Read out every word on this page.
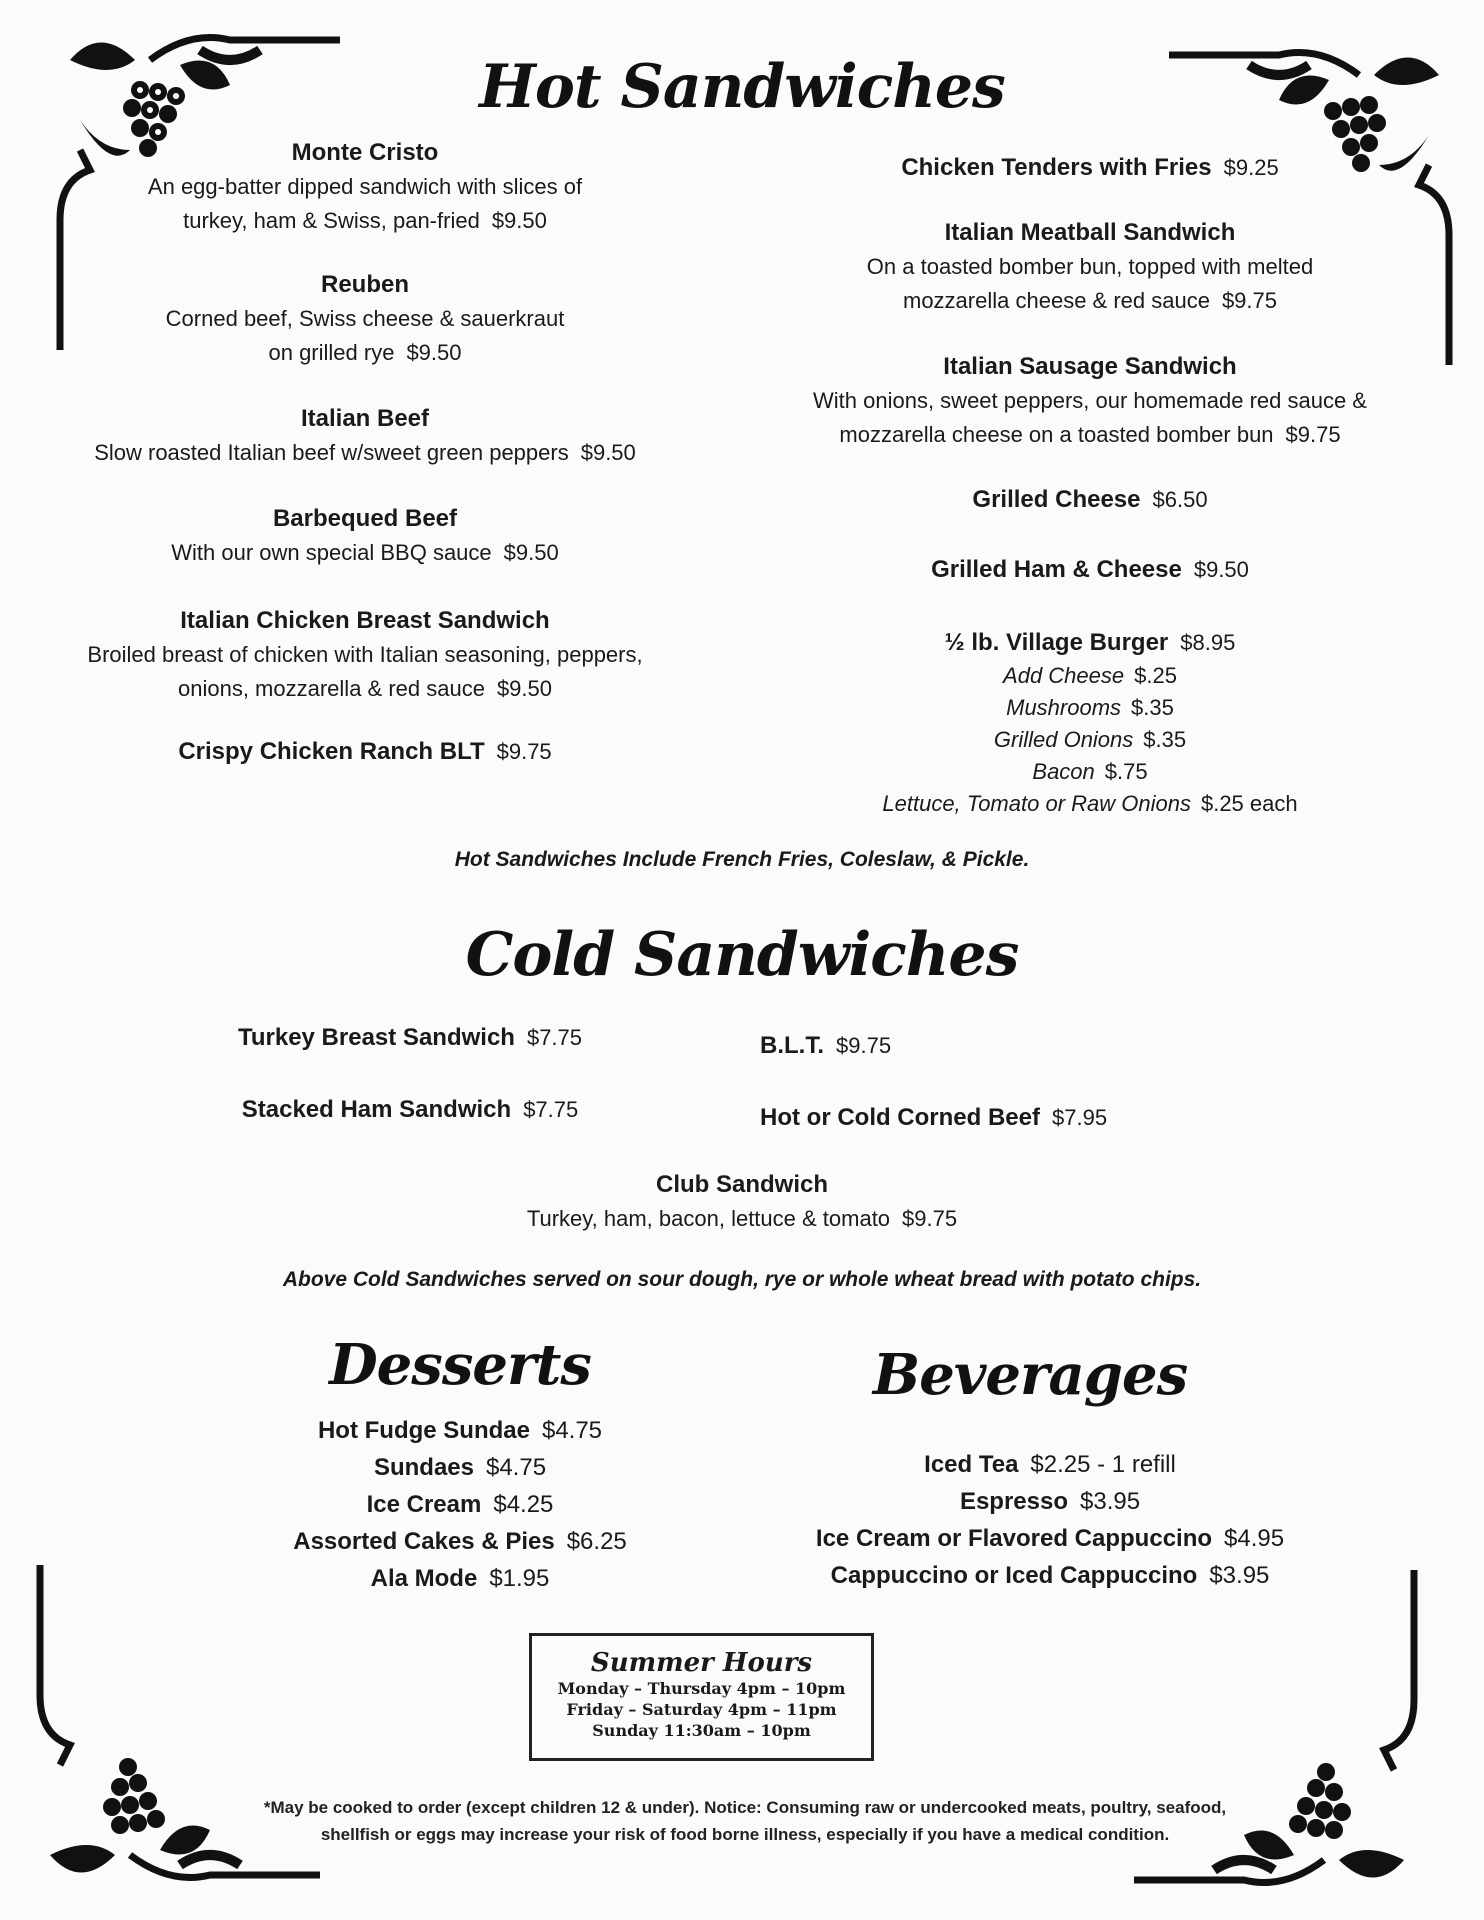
Hot Sandwiches
Monte Cristo
An egg-batter dipped sandwich with slices of
turkey, ham & Swiss, pan-fried $9.50
Reuben
Corned beef, Swiss cheese & sauerkraut
on grilled rye $9.50
Italian Beef
Slow roasted Italian beef w/sweet green peppers $9.50
Barbequed Beef
With our own special BBQ sauce $9.50
Italian Chicken Breast Sandwich
Broiled breast of chicken with Italian seasoning, peppers,
onions, mozzarella & red sauce $9.50
Crispy Chicken Ranch BLT $9.75
Chicken Tenders with Fries $9.25
Italian Meatball Sandwich
On a toasted bomber bun, topped with melted
mozzarella cheese & red sauce $9.75
Italian Sausage Sandwich
With onions, sweet peppers, our homemade red sauce &
mozzarella cheese on a toasted bomber bun $9.75
Grilled Cheese $6.50
Grilled Ham & Cheese $9.50
½ lb. Village Burger $8.95
Add Cheese $.25
Mushrooms $.35
Grilled Onions $.35
Bacon $.75
Lettuce, Tomato or Raw Onions $.25 each
Hot Sandwiches Include French Fries, Coleslaw, & Pickle.
Cold Sandwiches
Turkey Breast Sandwich $7.75	B.L.T. $9.75
Stacked Ham Sandwich $7.75	Hot or Cold Corned Beef $7.95
Club Sandwich
Turkey, ham, bacon, lettuce & tomato $9.75
Above Cold Sandwiches served on sour dough, rye or whole wheat bread with potato chips.
Desserts
Hot Fudge Sundae $4.75
Sundaes $4.75
Ice Cream $4.25
Assorted Cakes & Pies $6.25
Ala Mode $1.95
Beverages
Iced Tea $2.25 - 1 refill
Espresso $3.95
Ice Cream or Flavored Cappuccino $4.95
Cappuccino or Iced Cappuccino $3.95
Summer Hours
Monday – Thursday 4pm – 10pm
Friday – Saturday 4pm – 11pm
Sunday 11:30am – 10pm
*May be cooked to order (except children 12 & under). Notice: Consuming raw or undercooked meats, poultry, seafood,
shellfish or eggs may increase your risk of food borne illness, especially if you have a medical condition.
